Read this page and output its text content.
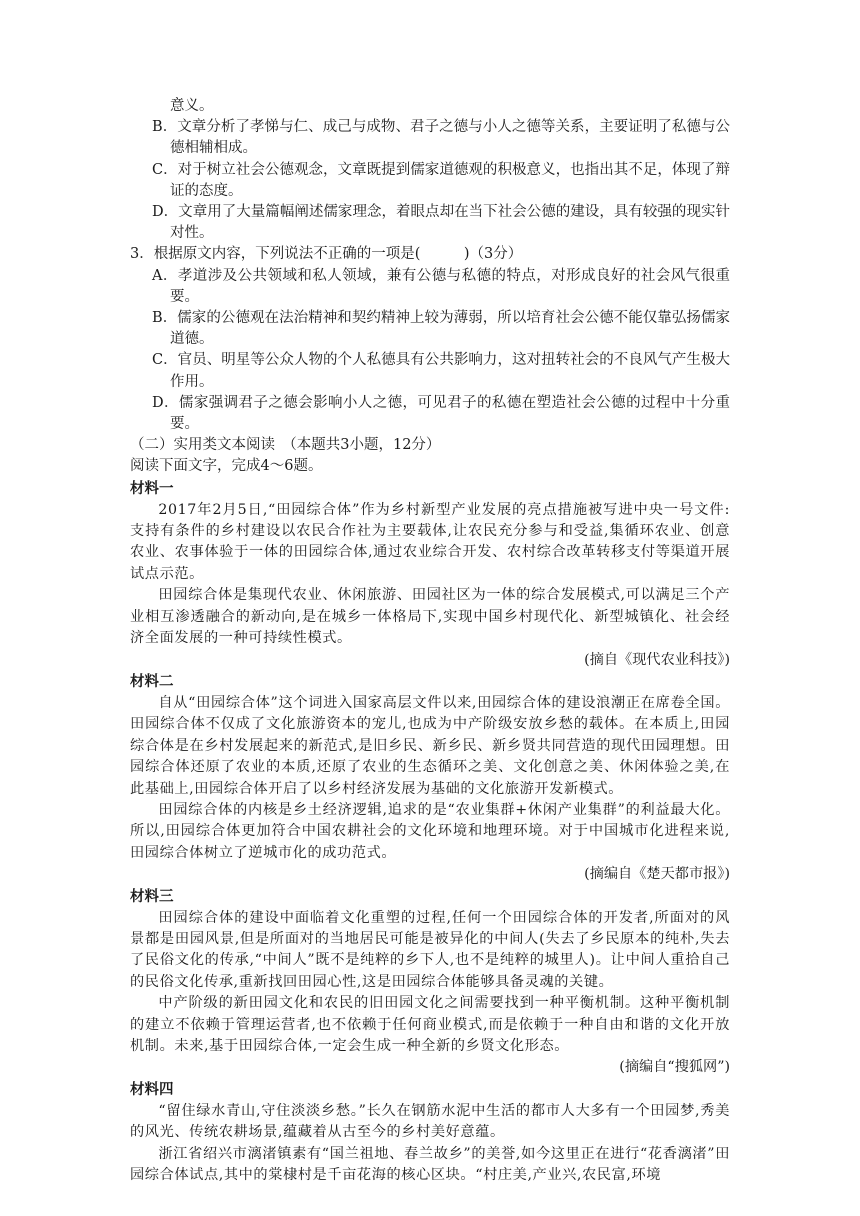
意义。

B．文章分析了孝悌与仁、成己与成物、君子之德与小人之德等关系，主要证明了私德与公德相辅相成。

C．对于树立社会公德观念，文章既提到儒家道德观的积极意义，也指出其不足，体现了辩证的态度。

D．文章用了大量篇幅阐述儒家理念，着眼点却在当下社会公德的建设，具有较强的现实针对性。

3．根据原文内容，下列说法不正确的一项是(　　　)（3分）

A．孝道涉及公共领域和私人领域，兼有公德与私德的特点，对形成良好的社会风气很重要。

B．儒家的公德观在法治精神和契约精神上较为薄弱，所以培育社会公德不能仅靠弘扬儒家道德。

C．官员、明星等公众人物的个人私德具有公共影响力，这对扭转社会的不良风气产生极大作用。

D．儒家强调君子之德会影响小人之德，可见君子的私德在塑造社会公德的过程中十分重要。

（二）实用类文本阅读　（本题共3小题，12分）

阅读下面文字，完成4～6题。

材料一

2017年2月5日,“田园综合体”作为乡村新型产业发展的亮点措施被写进中央一号文件:支持有条件的乡村建设以农民合作社为主要载体,让农民充分参与和受益,集循环农业、创意农业、农事体验于一体的田园综合体,通过农业综合开发、农村综合改革转移支付等渠道开展试点示范。

田园综合体是集现代农业、休闲旅游、田园社区为一体的综合发展模式,可以满足三个产业相互渗透融合的新动向,是在城乡一体格局下,实现中国乡村现代化、新型城镇化、社会经济全面发展的一种可持续性模式。

(摘自《现代农业科技》)

材料二

自从“田园综合体”这个词进入国家高层文件以来,田园综合体的建设浪潮正在席卷全国。田园综合体不仅成了文化旅游资本的宠儿,也成为中产阶级安放乡愁的载体。在本质上,田园综合体是在乡村发展起来的新范式,是旧乡民、新乡民、新乡贤共同营造的现代田园理想。田园综合体还原了农业的本质,还原了农业的生态循环之美、文化创意之美、休闲体验之美,在此基础上,田园综合体开启了以乡村经济发展为基础的文化旅游开发新模式。

田园综合体的内核是乡土经济逻辑,追求的是“农业集群+休闲产业集群”的利益最大化。所以,田园综合体更加符合中国农耕社会的文化环境和地理环境。对于中国城市化进程来说,田园综合体树立了逆城市化的成功范式。

(摘编自《楚天都市报》)

材料三

田园综合体的建设中面临着文化重塑的过程,任何一个田园综合体的开发者,所面对的风景都是田园风景,但是所面对的当地居民可能是被异化的中间人(失去了乡民原本的纯朴,失去了民俗文化的传承,“中间人”既不是纯粹的乡下人,也不是纯粹的城里人)。让中间人重拾自己的民俗文化传承,重新找回田园心性,这是田园综合体能够具备灵魂的关键。

中产阶级的新田园文化和农民的旧田园文化之间需要找到一种平衡机制。这种平衡机制的建立不依赖于管理运营者,也不依赖于任何商业模式,而是依赖于一种自由和谐的文化开放机制。未来,基于田园综合体,一定会生成一种全新的乡贤文化形态。

(摘编自“搜狐网”)

材料四

“留住绿水青山,守住淡淡乡愁。”长久在钢筋水泥中生活的都市人大多有一个田园梦,秀美的风光、传统农耕场景,蕴藏着从古至今的乡村美好意蕴。

浙江省绍兴市漓渚镇素有“国兰祖地、春兰故乡”的美誉,如今这里正在进行“花香漓渚”田园综合体试点,其中的棠棣村是千亩花海的核心区块。“村庄美,产业兴,农民富,环境
